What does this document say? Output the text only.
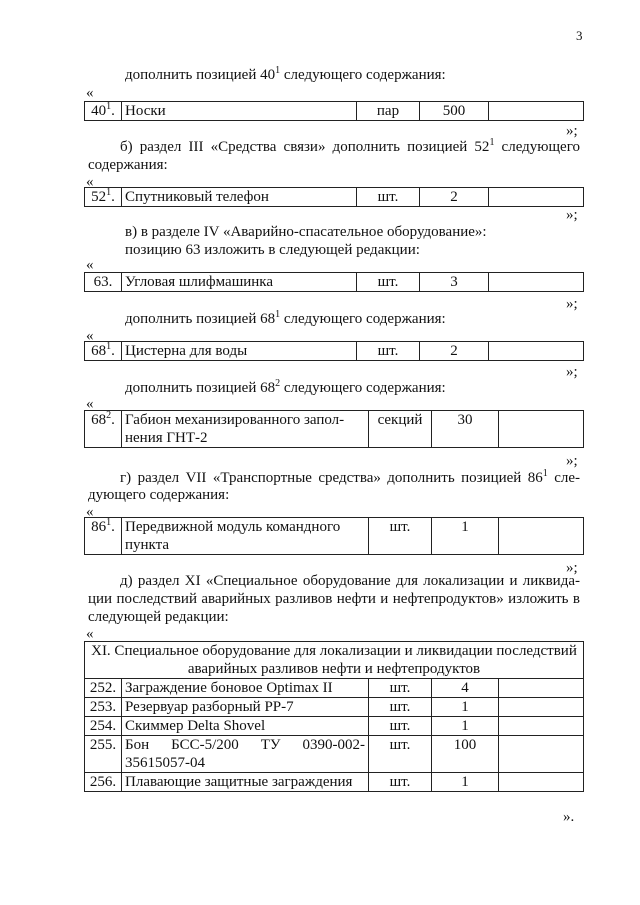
3
дополнить позицией $40^1$ следующего содержания:
«
$40^1$.	Носки	пар	500	
»;
б) раздел III «Средства связи» дополнить позицией $52^1$ следующего содержания:
«
$52^1$.	Спутниковый телефон	шт.	2	
»;
в) в разделе IV «Аварийно-спасательное оборудование»:
позицию 63 изложить в следующей редакции:
«
63.	Угловая шлифмашинка	шт.	3	
»;
дополнить позицией $68^1$ следующего содержания:
«
$68^1$.	Цистерна для воды	шт.	2	
»;
дополнить позицией $68^2$ следующего содержания:
«
$68^2$.	Габион механизированного запол-
нения ГНТ-2
	секций	30	
»;
г) раздел VII «Транспортные средства» дополнить позицией $86^1$ сле-
дующего содержания:
«
$86^1$.	Передвижной модуль командного
пункта
	шт.	1	
»;
д) раздел XI «Специальное оборудование для локализации и ликвида-
ции последствий аварийных разливов нефти и нефтепродуктов» изложить в
следующей редакции:
«
XI. Специальное оборудование для локализации и ликвидации последствий
аварийных разливов нефти и нефтепродуктов				

252.	Заграждение боновое Optimax II	шт.	4	
253.	Резервуар разборный РР-7	шт.	1	
254.	Скиммер Delta Shovel	шт.	1	
255.	Бон БСС-5/200 ТУ 0390-002-
35615057-04	шт.	100	
256.	Плавающие защитные заграждения	шт.	1	
».
